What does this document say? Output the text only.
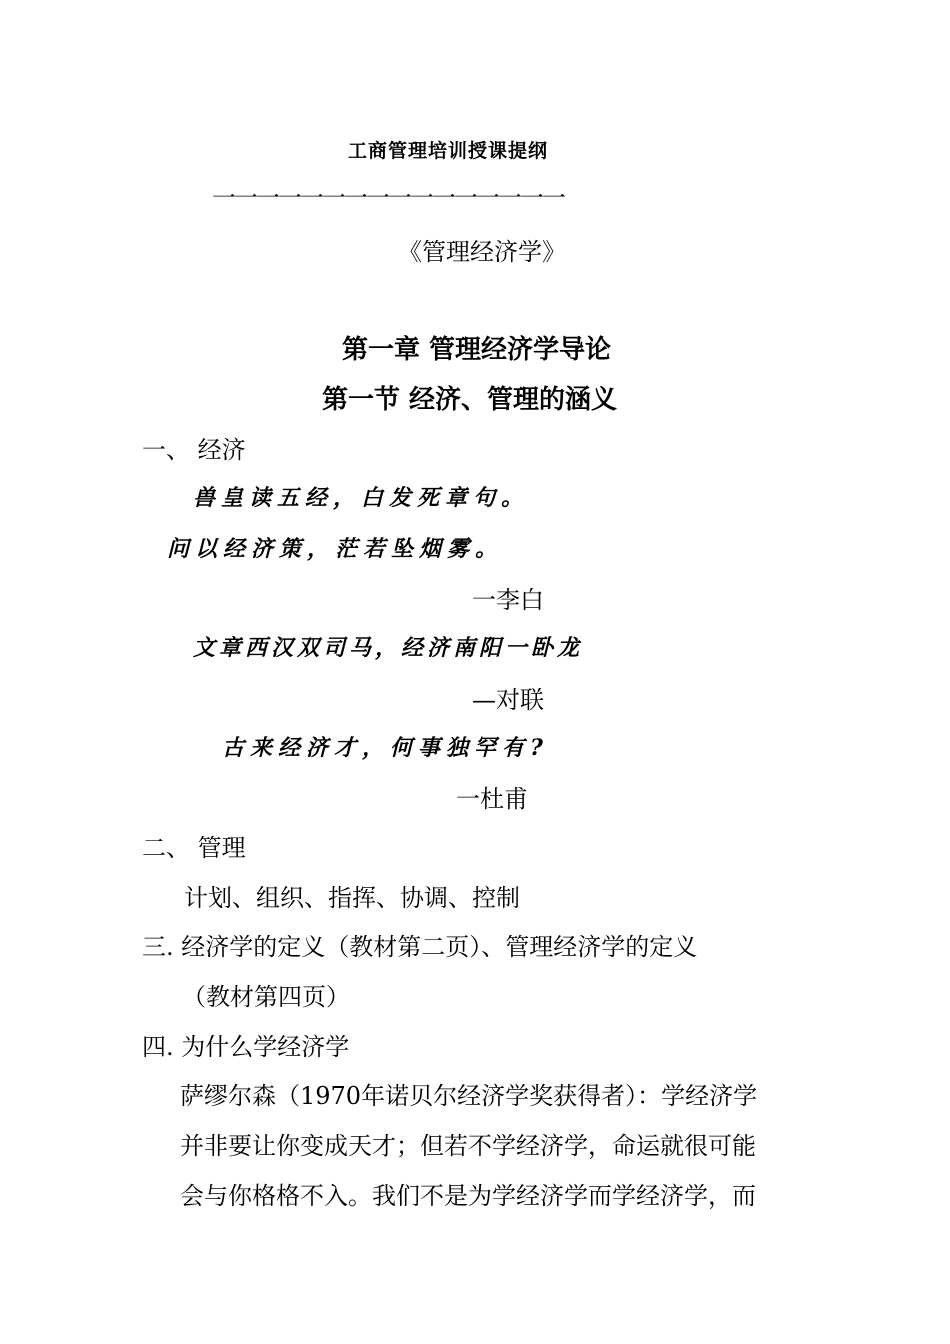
工商管理培训授课提纲
一一一一一一一一一一一一一一一一
《管理经济学》
第一章 管理经济学导论
第一节 经济、管理的涵义
一、 经济
兽皇读五经，白发死章句。
问以经济策，茫若坠烟雾。
一李白
文章西汉双司马，经济南阳一卧龙
—对联
古来经济才，何事独罕有?
一杜甫
二、 管理
计划、组织、指挥、协调、控制
三. 经济学的定义（教材第二页）、管理经济学的定义
（教材第四页）
四. 为什么学经济学
萨缪尔森（1970年诺贝尔经济学奖获得者）：学经济学
并非要让你变成天才；但若不学经济学，命运就很可能
会与你格格不入。我们不是为学经济学而学经济学，而
